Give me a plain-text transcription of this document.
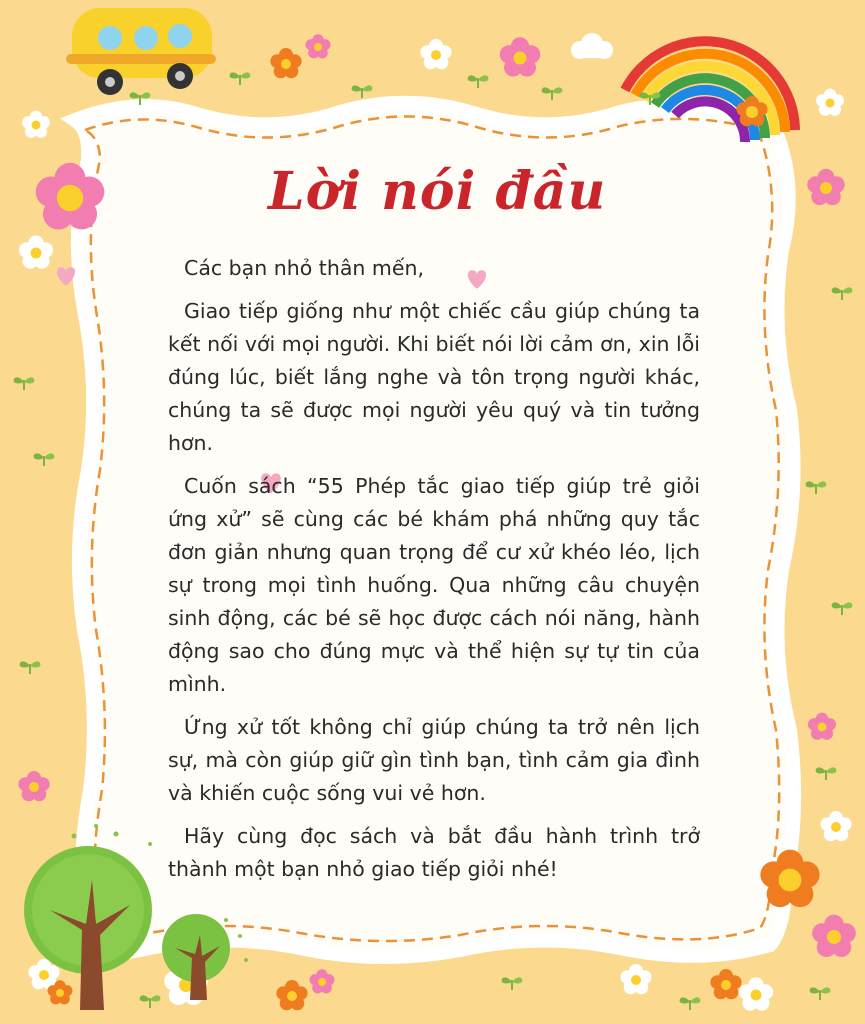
Lời nói đầu

Các bạn nhỏ thân mến,

Giao tiếp giống như một chiếc cầu giúp chúng ta kết nối với mọi người. Khi biết nói lời cảm ơn, xin lỗi đúng lúc, biết lắng nghe và tôn trọng người khác, chúng ta sẽ được mọi người yêu quý và tin tưởng hơn.

Cuốn sách “55 Phép tắc giao tiếp giúp trẻ giỏi ứng xử” sẽ cùng các bé khám phá những quy tắc đơn giản nhưng quan trọng để cư xử khéo léo, lịch sự trong mọi tình huống. Qua những câu chuyện sinh động, các bé sẽ học được cách nói năng, hành động sao cho đúng mực và thể hiện sự tự tin của mình.

Ứng xử tốt không chỉ giúp chúng ta trở nên lịch sự, mà còn giúp giữ gìn tình bạn, tình cảm gia đình và khiến cuộc sống vui vẻ hơn.

Hãy cùng đọc sách và bắt đầu hành trình trở thành một bạn nhỏ giao tiếp giỏi nhé!
